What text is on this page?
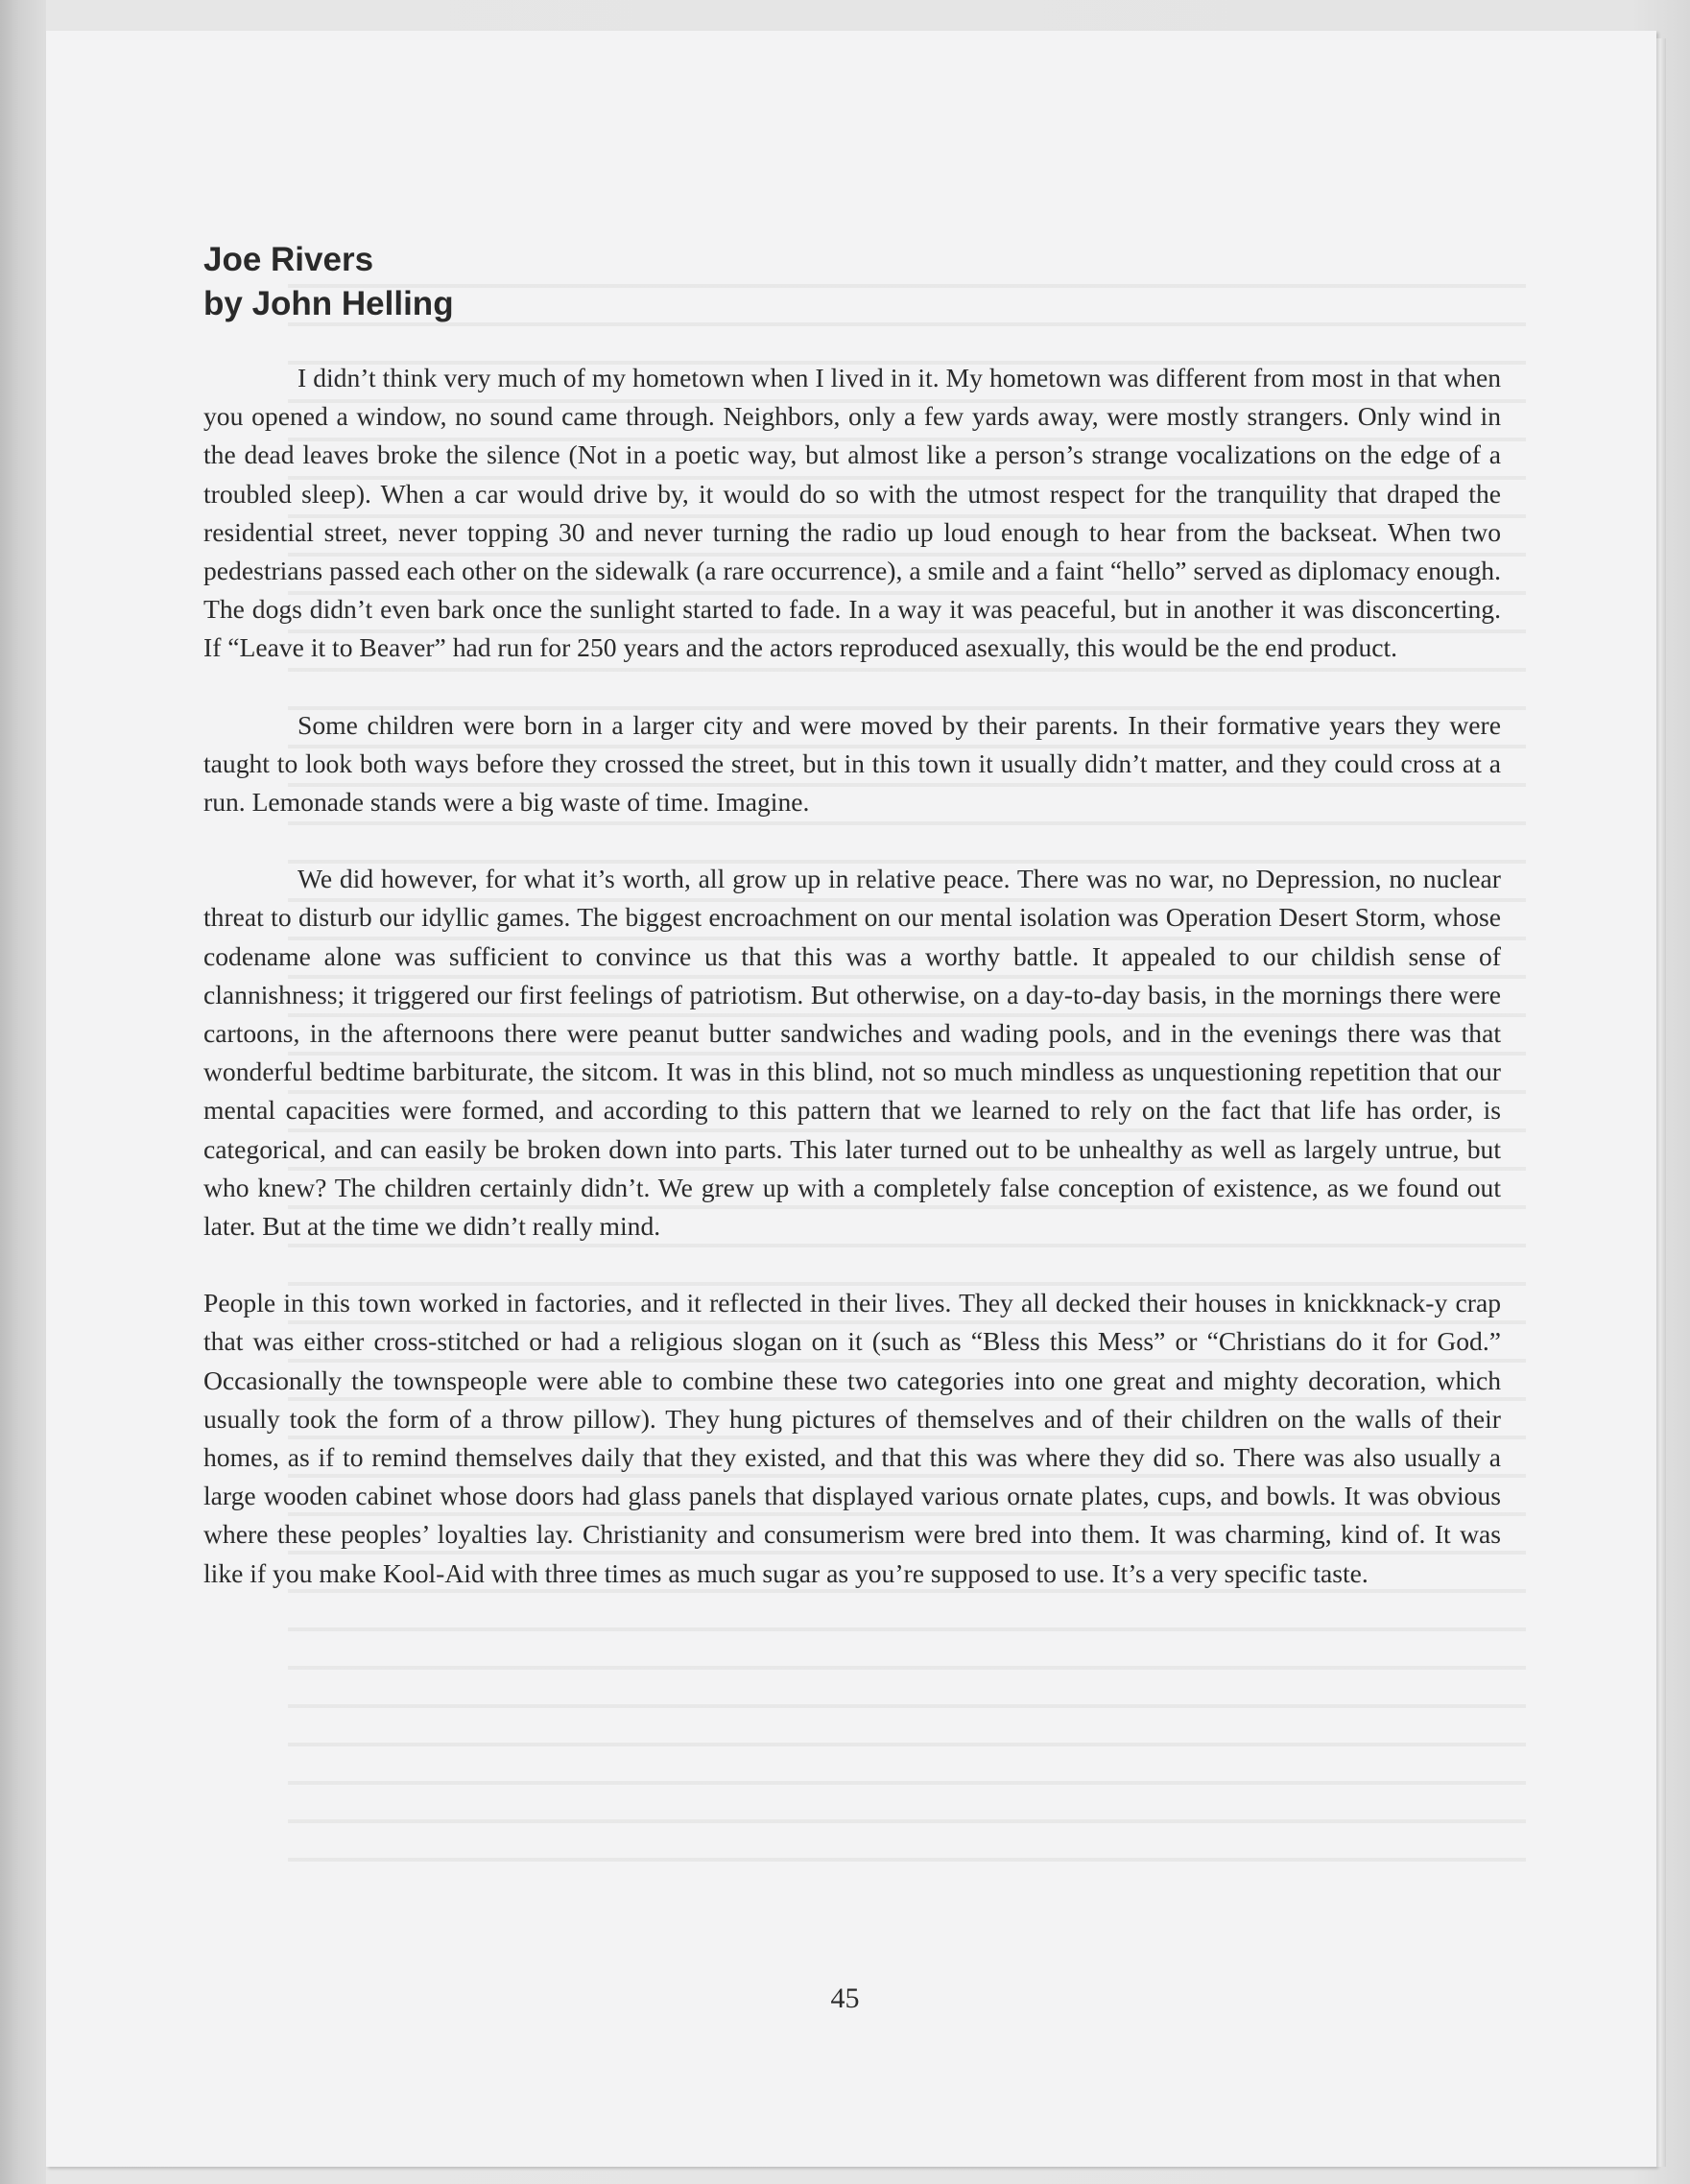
Joe Rivers

by John Helling

I didn’t think very much of my hometown when I lived in it. My hometown was different from most in that when you opened a window, no sound came through. Neighbors, only a few yards away, were mostly strangers. Only wind in the dead leaves broke the silence (Not in a poetic way, but almost like a person’s strange vocalizations on the edge of a troubled sleep). When a car would drive by, it would do so with the utmost respect for the tranquility that draped the residential street, never topping 30 and never turning the radio up loud enough to hear from the backseat. When two pedestrians passed each other on the sidewalk (a rare occurrence), a smile and a faint “hello” served as diplomacy enough. The dogs didn’t even bark once the sunlight started to fade. In a way it was peaceful, but in another it was disconcerting. If “Leave it to Beaver” had run for 250 years and the actors reproduced asexually, this would be the end product.

Some children were born in a larger city and were moved by their parents. In their formative years they were taught to look both ways before they crossed the street, but in this town it usually didn’t matter, and they could cross at a run. Lemonade stands were a big waste of time. Imagine.

We did however, for what it’s worth, all grow up in relative peace. There was no war, no Depression, no nuclear threat to disturb our idyllic games. The biggest encroachment on our mental isolation was Operation Desert Storm, whose codename alone was sufficient to convince us that this was a worthy battle. It appealed to our childish sense of clannishness; it triggered our first feelings of patriotism. But otherwise, on a day-to-day basis, in the mornings there were cartoons, in the afternoons there were peanut butter sandwiches and wading pools, and in the evenings there was that wonderful bedtime barbiturate, the sitcom. It was in this blind, not so much mindless as unquestioning repetition that our mental capacities were formed, and according to this pattern that we learned to rely on the fact that life has order, is categorical, and can easily be broken down into parts. This later turned out to be unhealthy as well as largely untrue, but who knew? The children certainly didn’t. We grew up with a completely false conception of existence, as we found out later. But at the time we didn’t really mind.

People in this town worked in factories, and it reflected in their lives. They all decked their houses in knickknack-y crap that was either cross-stitched or had a religious slogan on it (such as “Bless this Mess” or “Christians do it for God.” Occasionally the townspeople were able to combine these two categories into one great and mighty decoration, which usually took the form of a throw pillow). They hung pictures of themselves and of their children on the walls of their homes, as if to remind themselves daily that they existed, and that this was where they did so. There was also usually a large wooden cabinet whose doors had glass panels that displayed various ornate plates, cups, and bowls. It was obvious where these peoples’ loyalties lay. Christianity and consumerism were bred into them. It was charming, kind of. It was like if you make Kool-Aid with three times as much sugar as you’re supposed to use. It’s a very specific taste.

45
